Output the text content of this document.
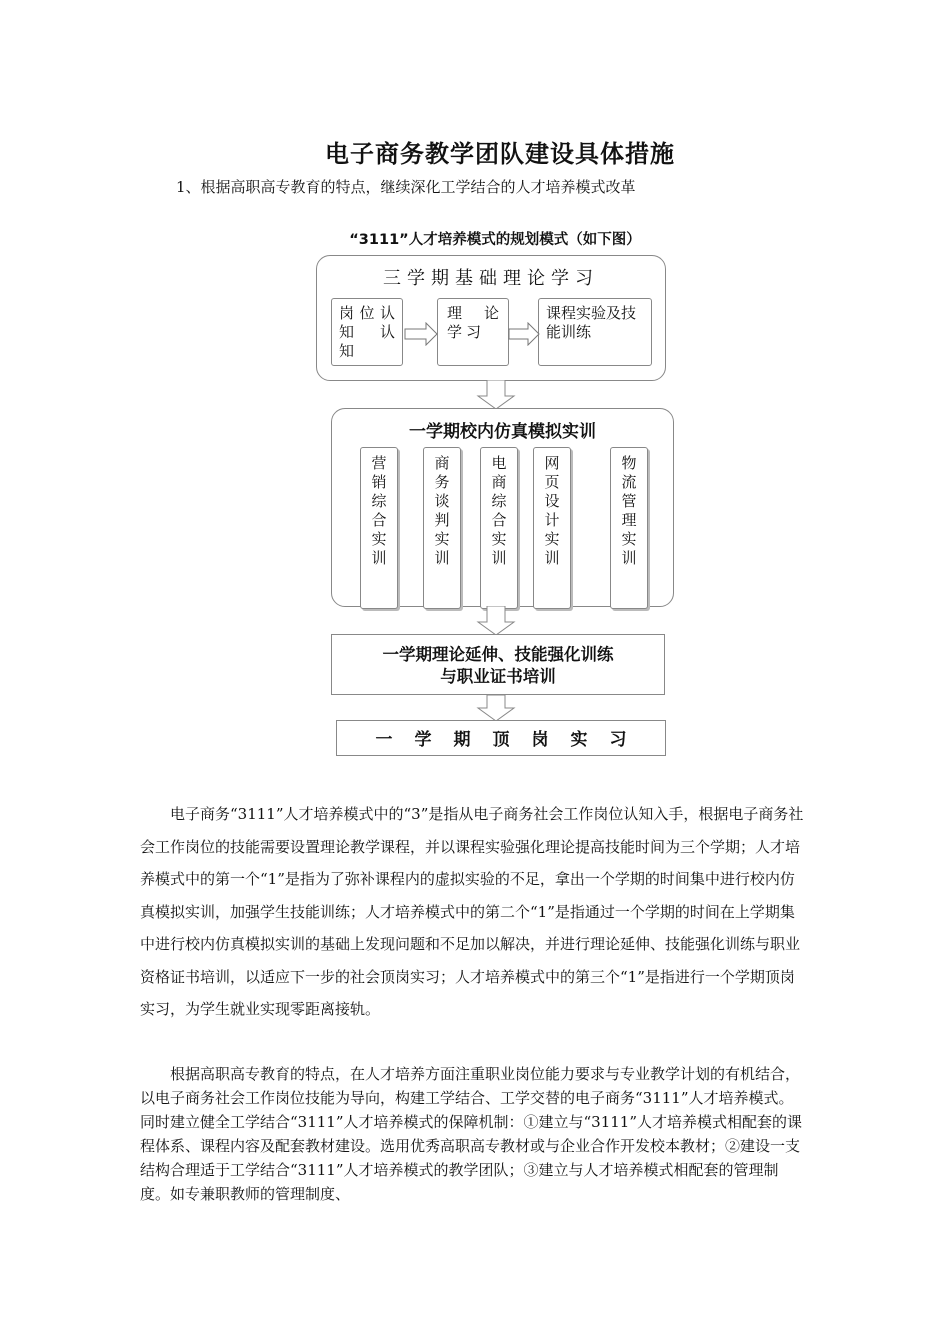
电子商务教学团队建设具体措施
1、根据高职高专教育的特点，继续深化工学结合的人才培养模式改革
“3111”人才培养模式的规划模式（如下图）
三学期基础理论学习
岗位认
知认
知
理论
学习
课程实验及技
能训练
一学期校内仿真模拟实训
营销综合实训
商务谈判实训
电商综合实训
网页设计实训
物流管理实训
一学期理论延伸、技能强化训练
与职业证书培训
一学期顶岗实习

电子商务“3111”人才培养模式中的“3”是指从电子商务社会工作岗位认知入手，根据电子商务社会工作岗位的技能需要设置理论教学课程，并以课程实验强化理论提高技能时间为三个学期；人才培养模式中的第一个“1”是指为了弥补课程内的虚拟实验的不足，拿出一个学期的时间集中进行校内仿真模拟实训，加强学生技能训练；人才培养模式中的第二个“1”是指通过一个学期的时间在上学期集中进行校内仿真模拟实训的基础上发现问题和不足加以解决，并进行理论延伸、技能强化训练与职业资格证书培训，以适应下一步的社会顶岗实习；人才培养模式中的第三个“1”是指进行一个学期顶岗实习，为学生就业实现零距离接轨。

根据高职高专教育的特点，在人才培养方面注重职业岗位能力要求与专业教学计划的有机结合，以电子商务社会工作岗位技能为导向，构建工学结合、工学交替的电子商务“3111”人才培养模式。同时建立健全工学结合“3111”人才培养模式的保障机制：①建立与“3111”人才培养模式相配套的课程体系、课程内容及配套教材建设。选用优秀高职高专教材或与企业合作开发校本教材；②建设一支结构合理适于工学结合“3111”人才培养模式的教学团队；③建立与人才培养模式相配套的管理制度。如专兼职教师的管理制度、
